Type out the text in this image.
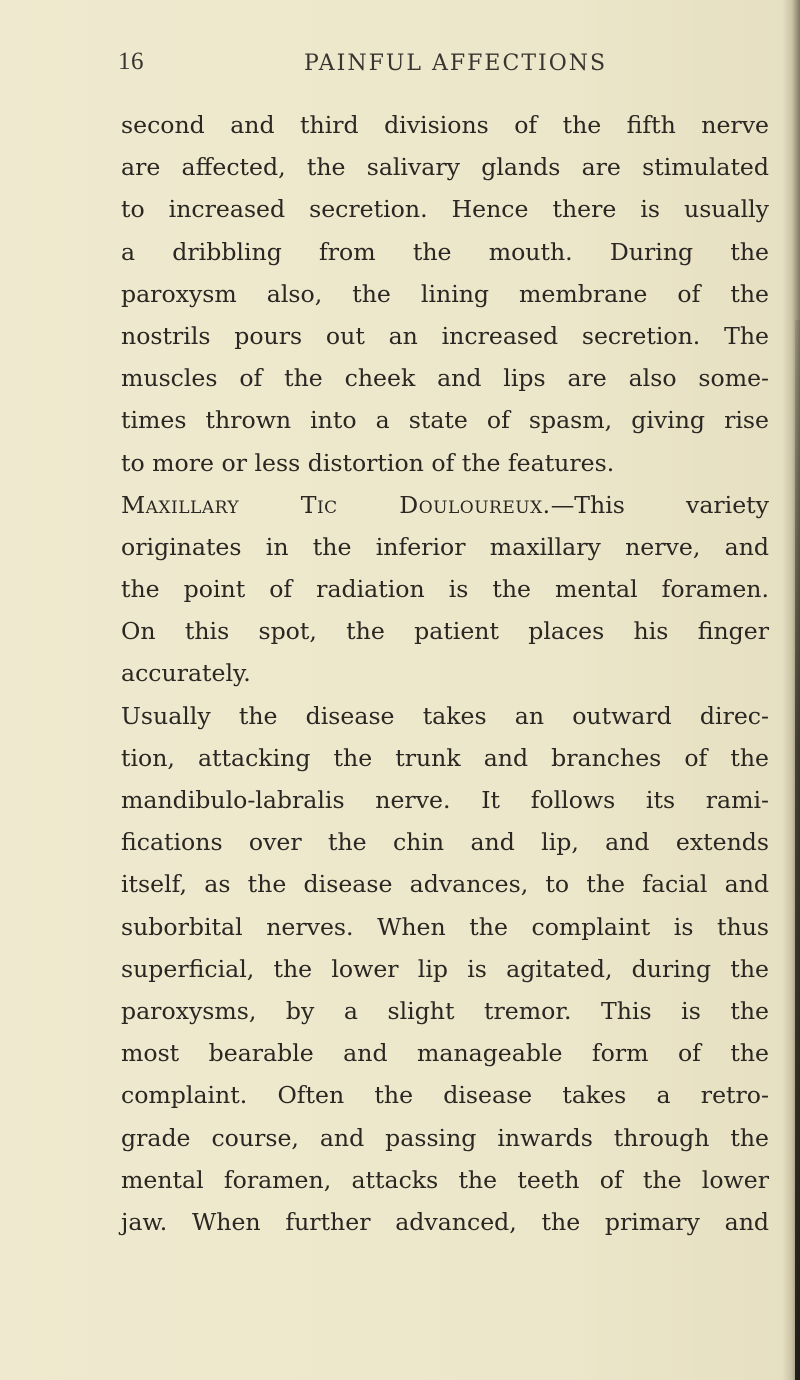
16	PAINFUL AFFECTIONS
second and third divisions of the fifth nerve
are affected, the salivary glands are stimulated
to increased secretion. Hence there is usually
a dribbling from the mouth. During the
paroxysm also, the lining membrane of the
nostrils pours out an increased secretion. The
muscles of the cheek and lips are also some-
times thrown into a state of spasm, giving rise
to more or less distortion of the features.
Maxillary Tic Douloureux.—This variety
originates in the inferior maxillary nerve, and
the point of radiation is the mental foramen.
On this spot, the patient places his finger
accurately.
Usually the disease takes an outward direc-
tion, attacking the trunk and branches of the
mandibulo-labralis nerve. It follows its rami-
fications over the chin and lip, and extends
itself, as the disease advances, to the facial and
suborbital nerves. When the complaint is thus
superficial, the lower lip is agitated, during the
paroxysms, by a slight tremor. This is the
most bearable and manageable form of the
complaint. Often the disease takes a retro-
grade course, and passing inwards through the
mental foramen, attacks the teeth of the lower
jaw. When further advanced, the primary and
